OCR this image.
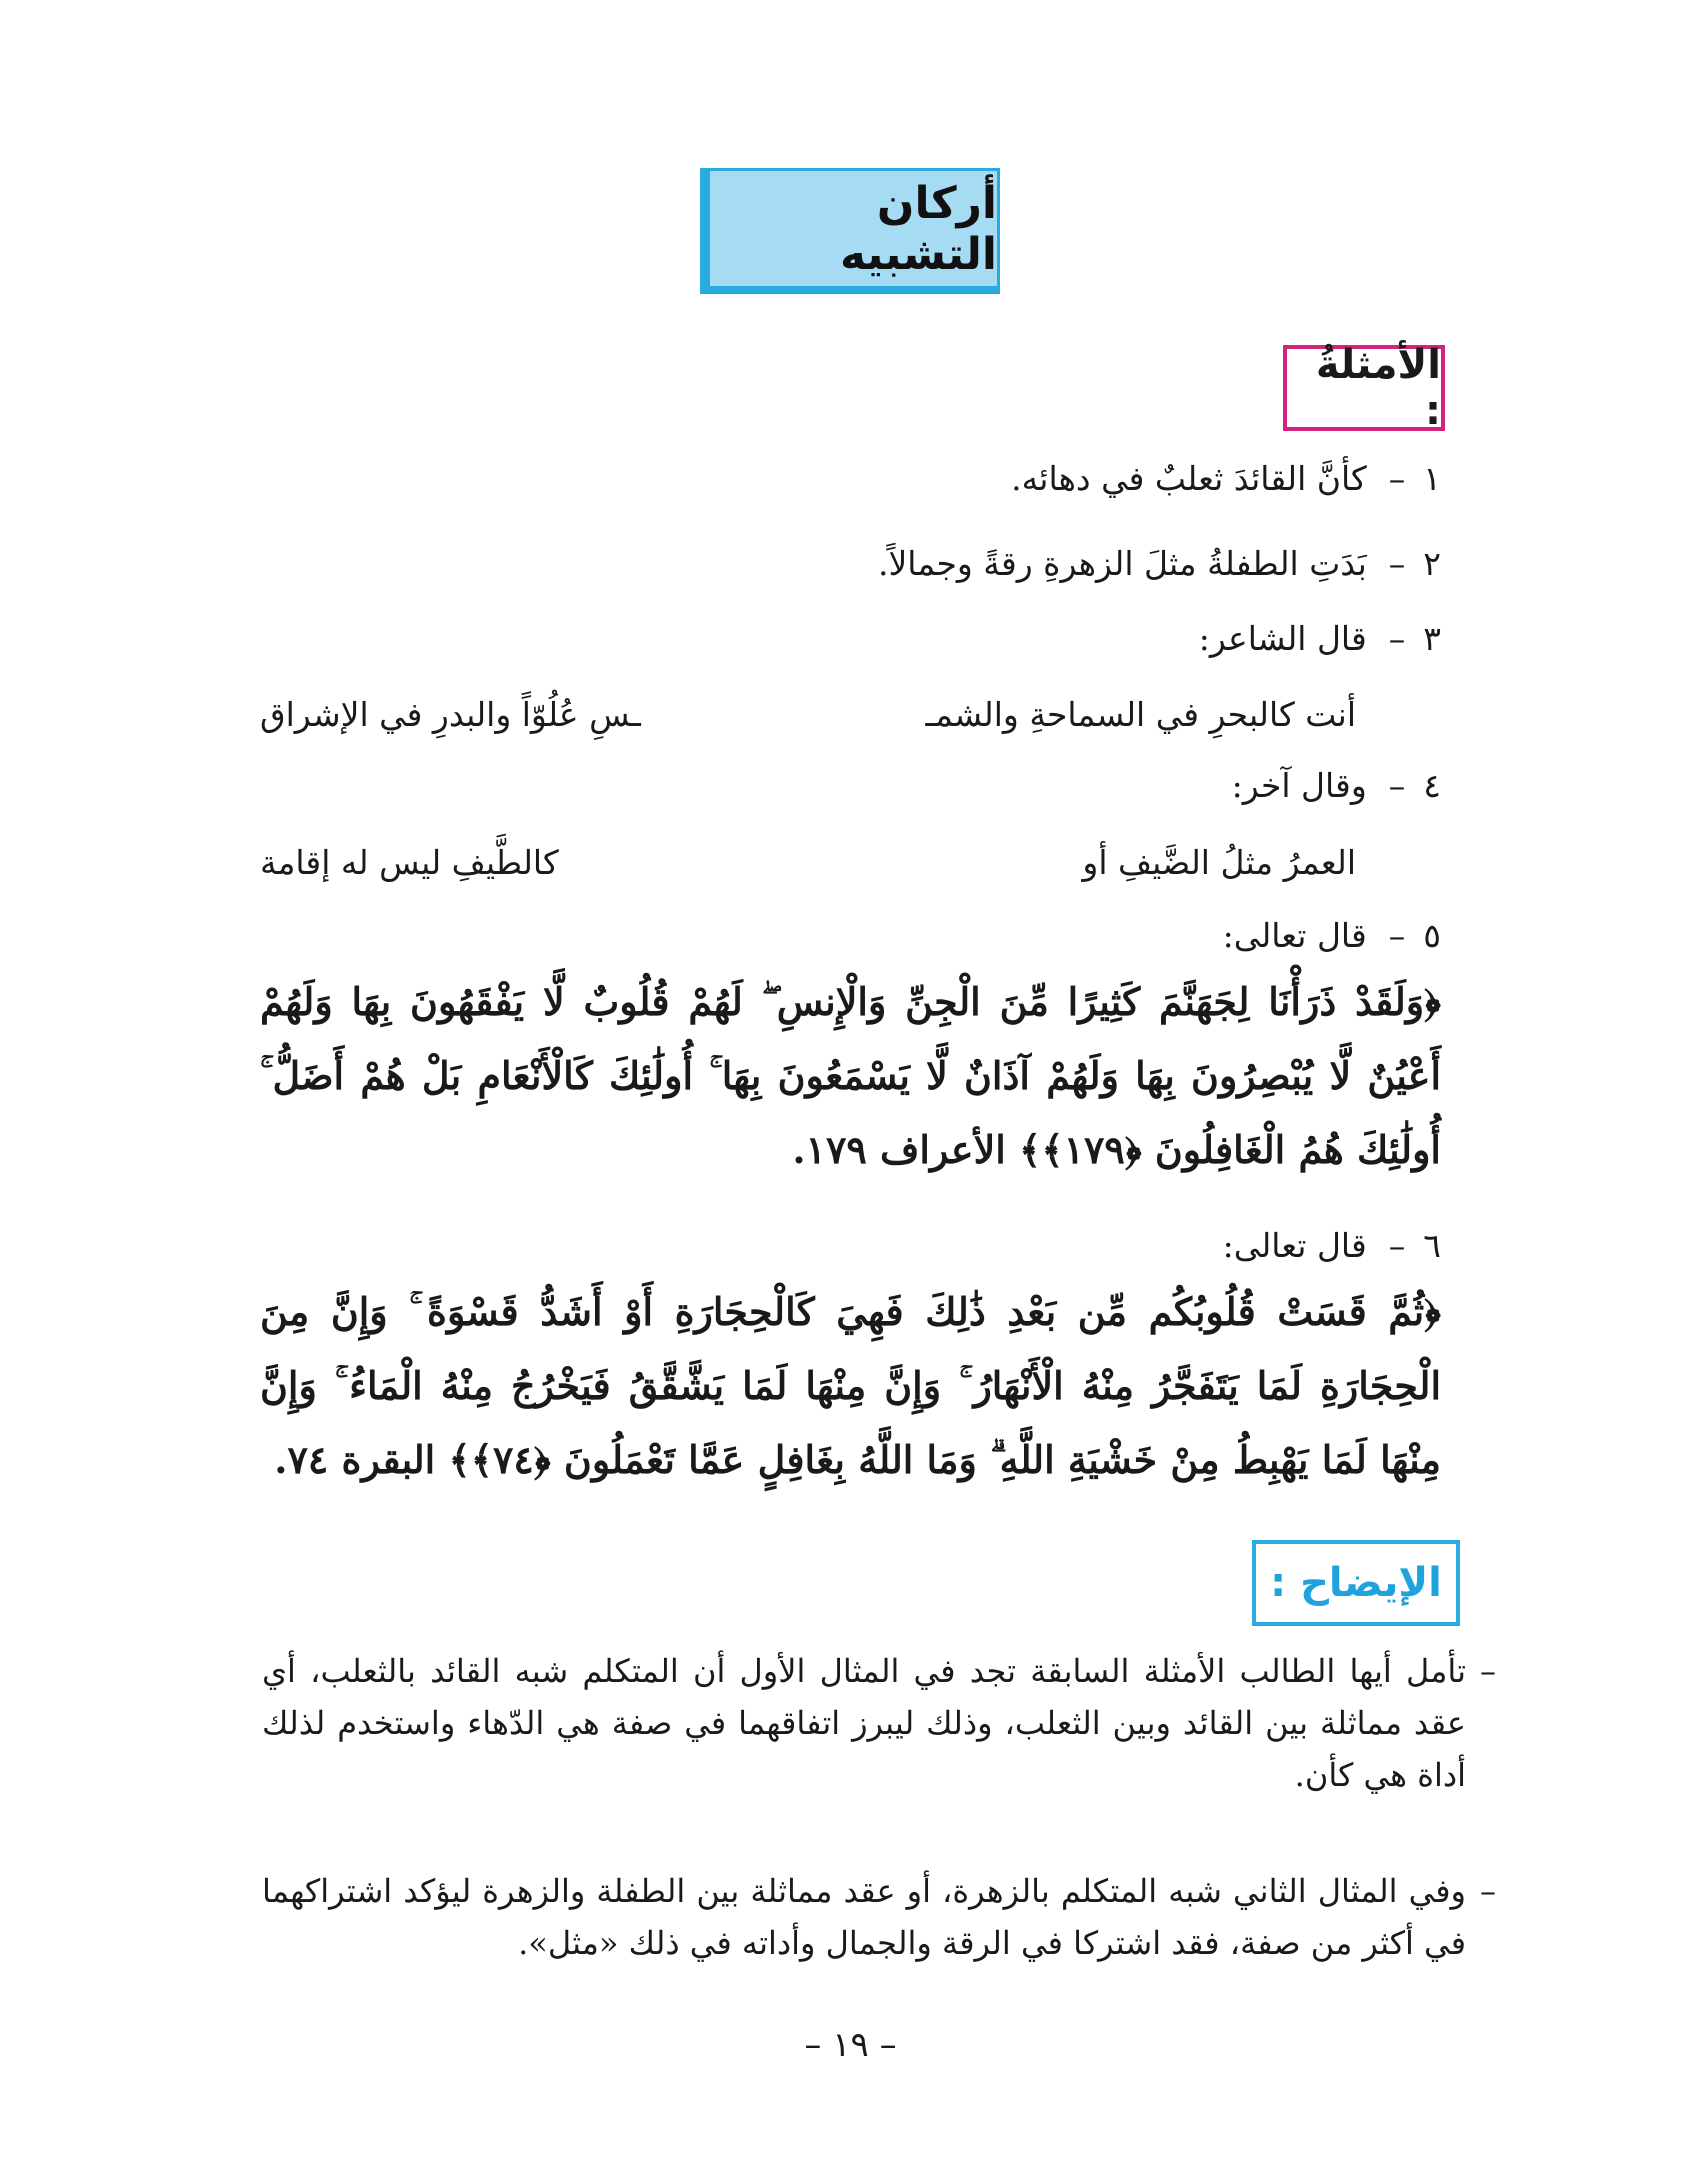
أركان التشبيه
الأمثلةُ :
١–كأنَّ القائدَ ثعلبٌ في دهائه.
٢–بَدَتِ الطفلةُ مثلَ الزهرةِ رقةً وجمالاً.
٣–قال الشاعر:
أنت كالبحرِ في السماحةِ والشمـ
ـسِ عُلُوّاً والبدرِ في الإشراق
٤–وقال آخر:
العمرُ مثلُ الضَّيفِ أو
كالطَّيفِ ليس له إقامة
٥–قال تعالى:
﴿وَلَقَدْ ذَرَأْنَا لِجَهَنَّمَ كَثِيرًا مِّنَ الْجِنِّ وَالْإِنسِ ۖ لَهُمْ قُلُوبٌ لَّا يَفْقَهُونَ بِهَا وَلَهُمْ أَعْيُنٌ لَّا يُبْصِرُونَ بِهَا وَلَهُمْ آذَانٌ لَّا يَسْمَعُونَ بِهَا ۚ أُولَٰئِكَ كَالْأَنْعَامِ بَلْ هُمْ أَضَلُّ ۚ أُولَٰئِكَ هُمُ الْغَافِلُونَ ﴿١٧٩﴾﴾ الأعراف ١٧٩.
٦–قال تعالى:
﴿ثُمَّ قَسَتْ قُلُوبُكُم مِّن بَعْدِ ذَٰلِكَ فَهِيَ كَالْحِجَارَةِ أَوْ أَشَدُّ قَسْوَةً ۚ وَإِنَّ مِنَ الْحِجَارَةِ لَمَا يَتَفَجَّرُ مِنْهُ الْأَنْهَارُ ۚ وَإِنَّ مِنْهَا لَمَا يَشَّقَّقُ فَيَخْرُجُ مِنْهُ الْمَاءُ ۚ وَإِنَّ مِنْهَا لَمَا يَهْبِطُ مِنْ خَشْيَةِ اللَّهِ ۗ وَمَا اللَّهُ بِغَافِلٍ عَمَّا تَعْمَلُونَ ﴿٧٤﴾﴾ البقرة ٧٤.
الإيضاح :
–
تأمل أيها الطالب الأمثلة السابقة تجد في المثال الأول أن المتكلم شبه القائد بالثعلب، أي عقد مماثلة بين القائد وبين الثعلب، وذلك ليبرز اتفاقهما في صفة هي الدّهاء واستخدم لذلك أداة هي كأن.
–
وفي المثال الثاني شبه المتكلم بالزهرة، أو عقد مماثلة بين الطفلة والزهرة ليؤكد اشتراكهما في أكثر من صفة، فقد اشتركا في الرقة والجمال وأداته في ذلك «مثل».
– ١٩ –
